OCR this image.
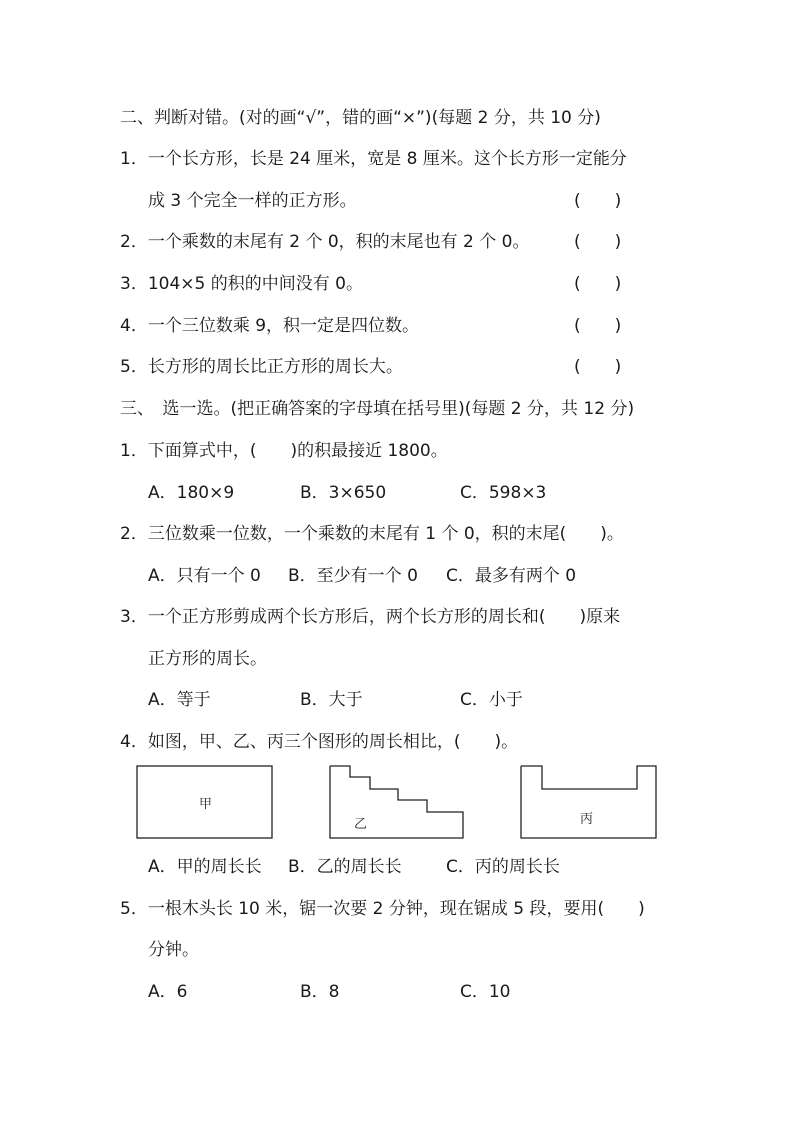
二、判断对错。(对的画“√”，错的画“×”)(每题 2 分，共 10 分)
1．一个长方形，长是 24 厘米，宽是 8 厘米。这个长方形一定能分
成 3 个完全一样的正方形。	(　　)
2．一个乘数的末尾有 2 个 0，积的末尾也有 2 个 0。	(　　)
3．104×5 的积的中间没有 0。	(　　)
4．一个三位数乘 9，积一定是四位数。	(　　)
5．长方形的周长比正方形的周长大。	(　　)
三、　选一选。(把正确答案的字母填在括号里)(每题 2 分，共 12 分)
1．下面算式中，(　　)的积最接近 1800。
A．180×9	B．3×650	C．598×3
2．三位数乘一位数，一个乘数的末尾有 1 个 0，积的末尾(　　)。
A．只有一个 0 B．至少有一个 0 C．最多有两个 0
3．一个正方形剪成两个长方形后，两个长方形的周长和(　　)原来
正方形的周长。
A．等于	B．大于	C．小于
4．如图，甲、乙、丙三个图形的周长相比，(　　)。
甲
乙	丙
A．甲的周长长 B．乙的周长长	C．丙的周长长
5．一根木头长 10 米，锯一次要 2 分钟，现在锯成 5 段，要用(　　)
分钟。
A．6	B．8	C．10
